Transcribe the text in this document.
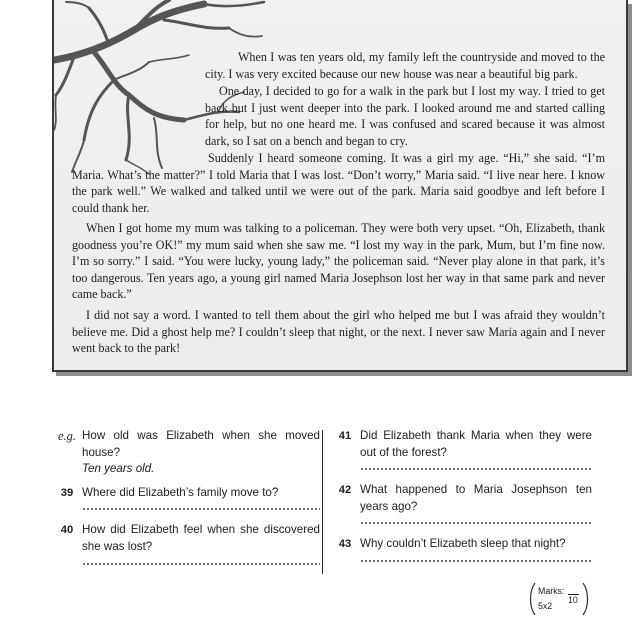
When I was ten years old, my family left the countryside and moved to the city. I was very excited because our new house was near a beautiful big park.

One day, I decided to go for a walk in the park but I lost my way. I tried to get back but I just went deeper into the park. I looked around me and started calling for help, but no one heard me. I was confused and scared because it was almost dark, so I sat on a bench and began to cry.

Suddenly I heard someone coming. It was a girl my age. “Hi,” she said. “I’m Maria. What’s the matter?” I told Maria that I was lost. “Don’t worry,” Maria said. “I live near here. I know the park well.” We walked and talked until we were out of the park. Maria said goodbye and left before I could thank her.

When I got home my mum was talking to a policeman. They were both very upset. “Oh, Elizabeth, thank goodness you’re OK!” my mum said when she saw me. “I lost my way in the park, Mum, but I’m fine now. I’m so sorry.” I said. “You were lucky, young lady,” the policeman said. “Never play alone in that park, it’s too dangerous. Ten years ago, a young girl named Maria Josephson lost her way in that same park and never came back.”

I did not say a word. I wanted to tell them about the girl who helped me but I was afraid they wouldn’t believe me. Did a ghost help me? I couldn’t sleep that night, or the next. I never saw Maria again and I never went back to the park!

e.g. How old was Elizabeth when she moved house?
Ten years old.
39 Where did Elizabeth’s family move to?
40 How did Elizabeth feel when she discovered she was lost?
41 Did Elizabeth thank Maria when they were out of the forest?
42 What happened to Maria Josephson ten years ago?
43 Why couldn’t Elizabeth sleep that night?
Marks:
10
5x2
